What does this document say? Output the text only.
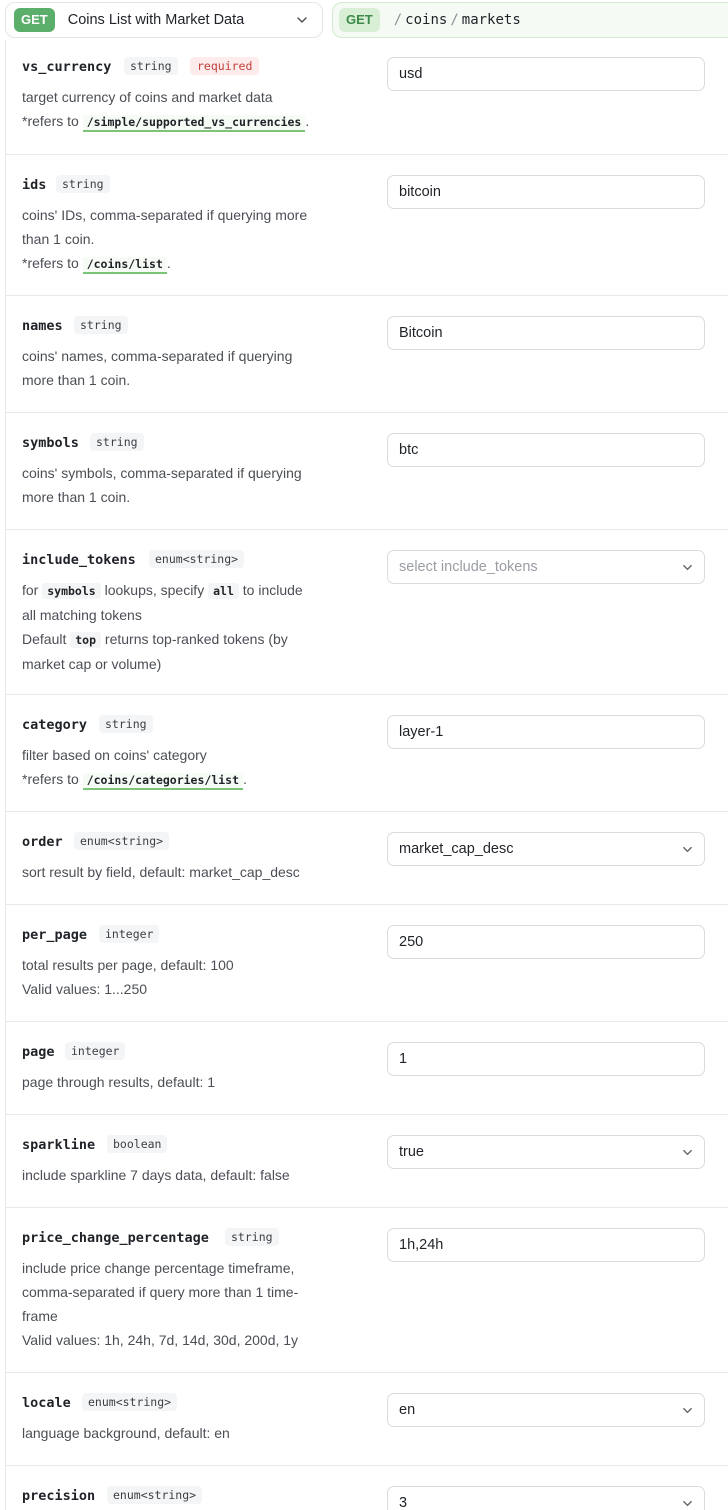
GET	Coins List with Market Data	GET	/ coins / markets
vs_currency	string	required
target currency of coins and market data
*refers to /simple/supported_vs_currencies .
usd
ids	string
coins' IDs, comma-separated if querying more
than 1 coin.
*refers to /coins/list .
bitcoin
names	string
coins' names, comma-separated if querying
more than 1 coin.
Bitcoin
symbols	string
coins' symbols, comma-separated if querying
more than 1 coin.
btc
include_tokens	enum<string>
for symbols lookups, specify all to include
all matching tokens
Default top returns top-ranked tokens (by
market cap or volume)
select include_tokens
category	string
filter based on coins' category
*refers to /coins/categories/list .
layer-1
order	enum<string>
sort result by field, default: market_cap_desc
market_cap_desc
per_page	integer
total results per page, default: 100
Valid values: 1...250
250
page	integer
page through results, default: 1
1
sparkline	boolean
include sparkline 7 days data, default: false
true
price_change_percentage	string
include price change percentage timeframe,
comma-separated if query more than 1 time-
frame
Valid values: 1h, 24h, 7d, 14d, 30d, 200d, 1y
1h,24h
locale	enum<string>
language background, default: en
en
precision	enum<string>	3
